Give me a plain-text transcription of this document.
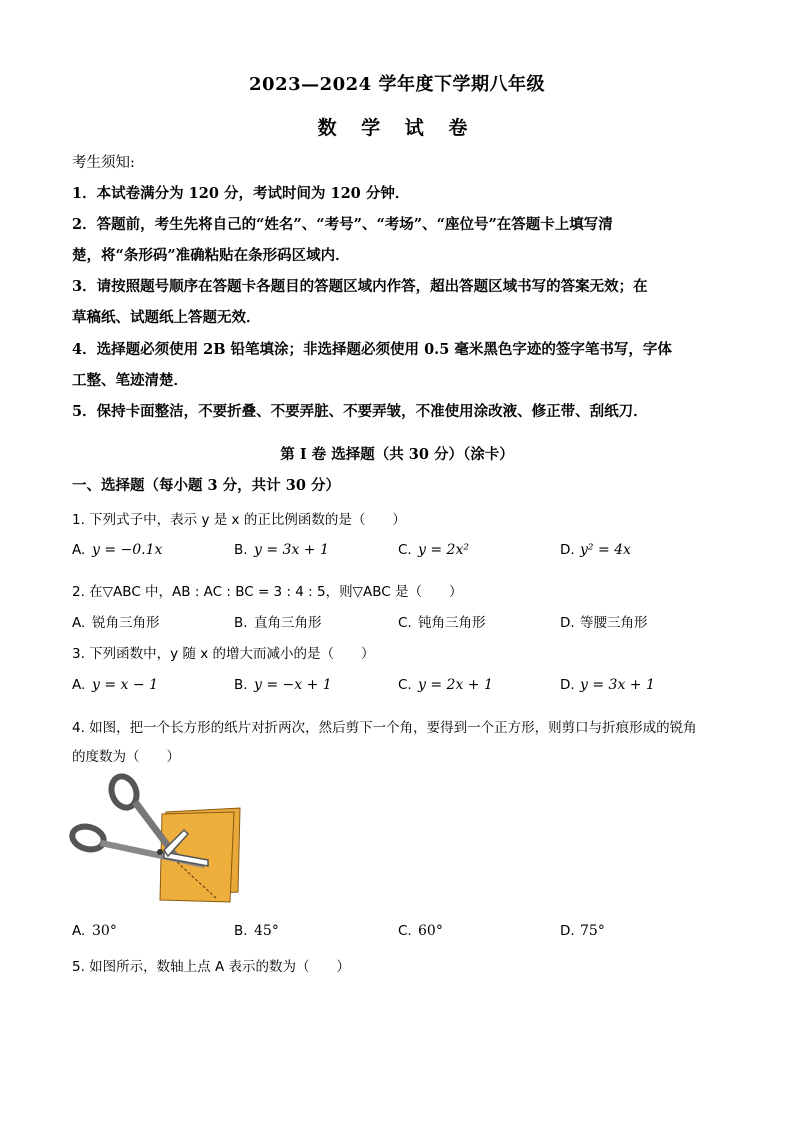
2023—2024 学年度下学期八年级
数 学 试 卷
考生须知:
1．本试卷满分为 120 分，考试时间为 120 分钟．
2．答题前，考生先将自己的“姓名”、“考号”、“考场”、“座位号”在答题卡上填写清
楚，将“条形码”准确粘贴在条形码区域内．
3．请按照题号顺序在答题卡各题目的答题区域内作答，超出答题区域书写的答案无效；在
草稿纸、试题纸上答题无效．
4．选择题必须使用 2B 铅笔填涂；非选择题必须使用 0.5 毫米黑色字迹的签字笔书写，字体
工整、笔迹清楚．
5．保持卡面整洁，不要折叠、不要弄脏、不要弄皱，不准使用涂改液、修正带、刮纸刀．
第 I 卷 选择题（共 30 分）（涂卡）
一、选择题（每小题 3 分，共计 30 分）
1. 下列式子中，表示 y 是 x 的正比例函数的是（　　）
A. y = −0.1x	B. y = 3x + 1	C. y = 2x²	D. y² = 4x
2. 在▽ABC 中，AB : AC : BC = 3 : 4 : 5，则▽ABC 是（　　）
A. 锐角三角形	B. 直角三角形	C. 钝角三角形	D. 等腰三角形
3. 下列函数中，y 随 x 的增大而减小的是（　　）
A. y = x − 1	B. y = −x + 1	C. y = 2x + 1	D. y = 3x + 1
4. 如图，把一个长方形的纸片对折两次，然后剪下一个角，要得到一个正方形，则剪口与折痕形成的锐角
的度数为（　　）
A. 30°	B. 45°	C. 60°	D. 75°
5. 如图所示，数轴上点 A 表示的数为（　　）
